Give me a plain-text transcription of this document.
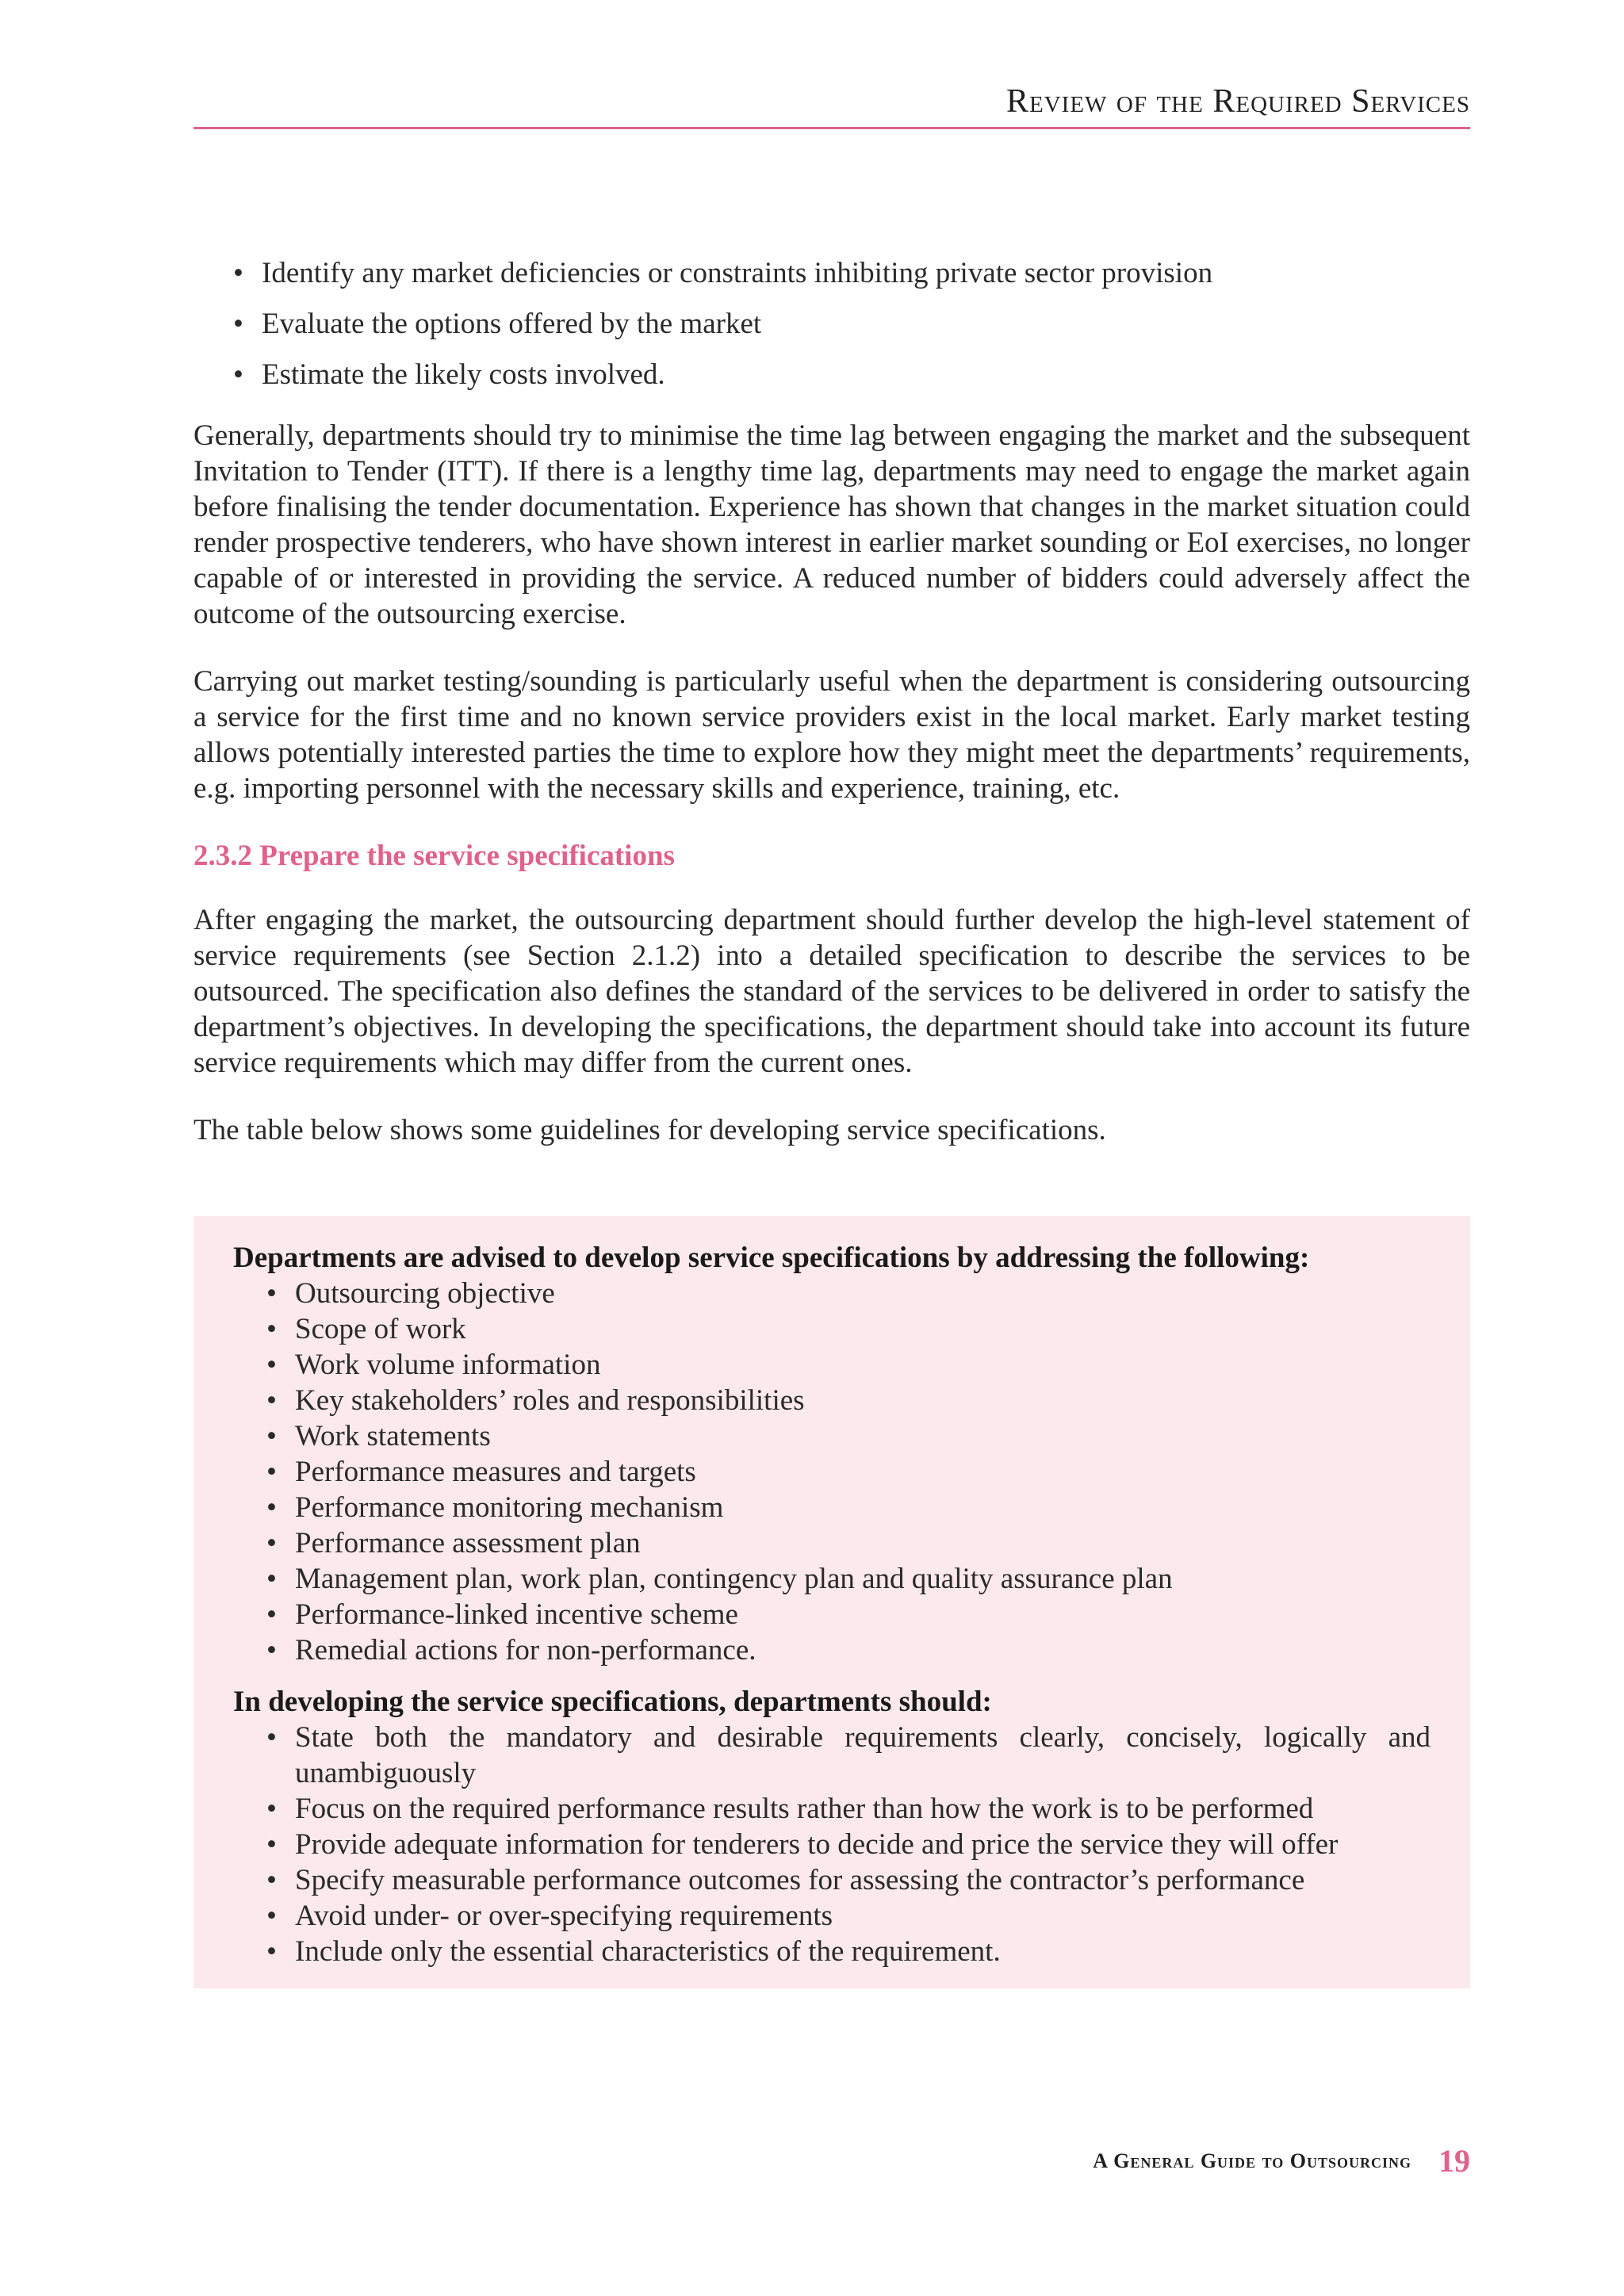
Review of the Required Services
• Identify any market deficiencies or constraints inhibiting private sector provision
• Evaluate the options offered by the market
• Estimate the likely costs involved.

Generally, departments should try to minimise the time lag between engaging the market and the subsequent Invitation to Tender (ITT). If there is a lengthy time lag, departments may need to engage the market again before finalising the tender documentation. Experience has shown that changes in the market situation could render prospective tenderers, who have shown interest in earlier market sounding or EoI exercises, no longer capable of or interested in providing the service. A reduced number of bidders could adversely affect the outcome of the outsourcing exercise.

Carrying out market testing/sounding is particularly useful when the department is considering outsourcing a service for the first time and no known service providers exist in the local market. Early market testing allows potentially interested parties the time to explore how they might meet the departments’ requirements, e.g. importing personnel with the necessary skills and experience, training, etc.

2.3.2 Prepare the service specifications

After engaging the market, the outsourcing department should further develop the high-level statement of service requirements (see Section 2.1.2) into a detailed specification to describe the services to be outsourced. The specification also defines the standard of the services to be delivered in order to satisfy the department’s objectives. In developing the specifications, the department should take into account its future service requirements which may differ from the current ones.

The table below shows some guidelines for developing service specifications.

Departments are advised to develop service specifications by addressing the following:

• Outsourcing objective
• Scope of work
• Work volume information
• Key stakeholders’ roles and responsibilities
• Work statements
• Performance measures and targets
• Performance monitoring mechanism
• Performance assessment plan
• Management plan, work plan, contingency plan and quality assurance plan
• Performance-linked incentive scheme
• Remedial actions for non-performance.

In developing the service specifications, departments should:

• State both the mandatory and desirable requirements clearly, concisely, logically and unambiguously
• Focus on the required performance results rather than how the work is to be performed
• Provide adequate information for tenderers to decide and price the service they will offer
• Specify measurable performance outcomes for assessing the contractor’s performance
• Avoid under- or over-specifying requirements
• Include only the essential characteristics of the requirement.
A General Guide to Outsourcing 19
